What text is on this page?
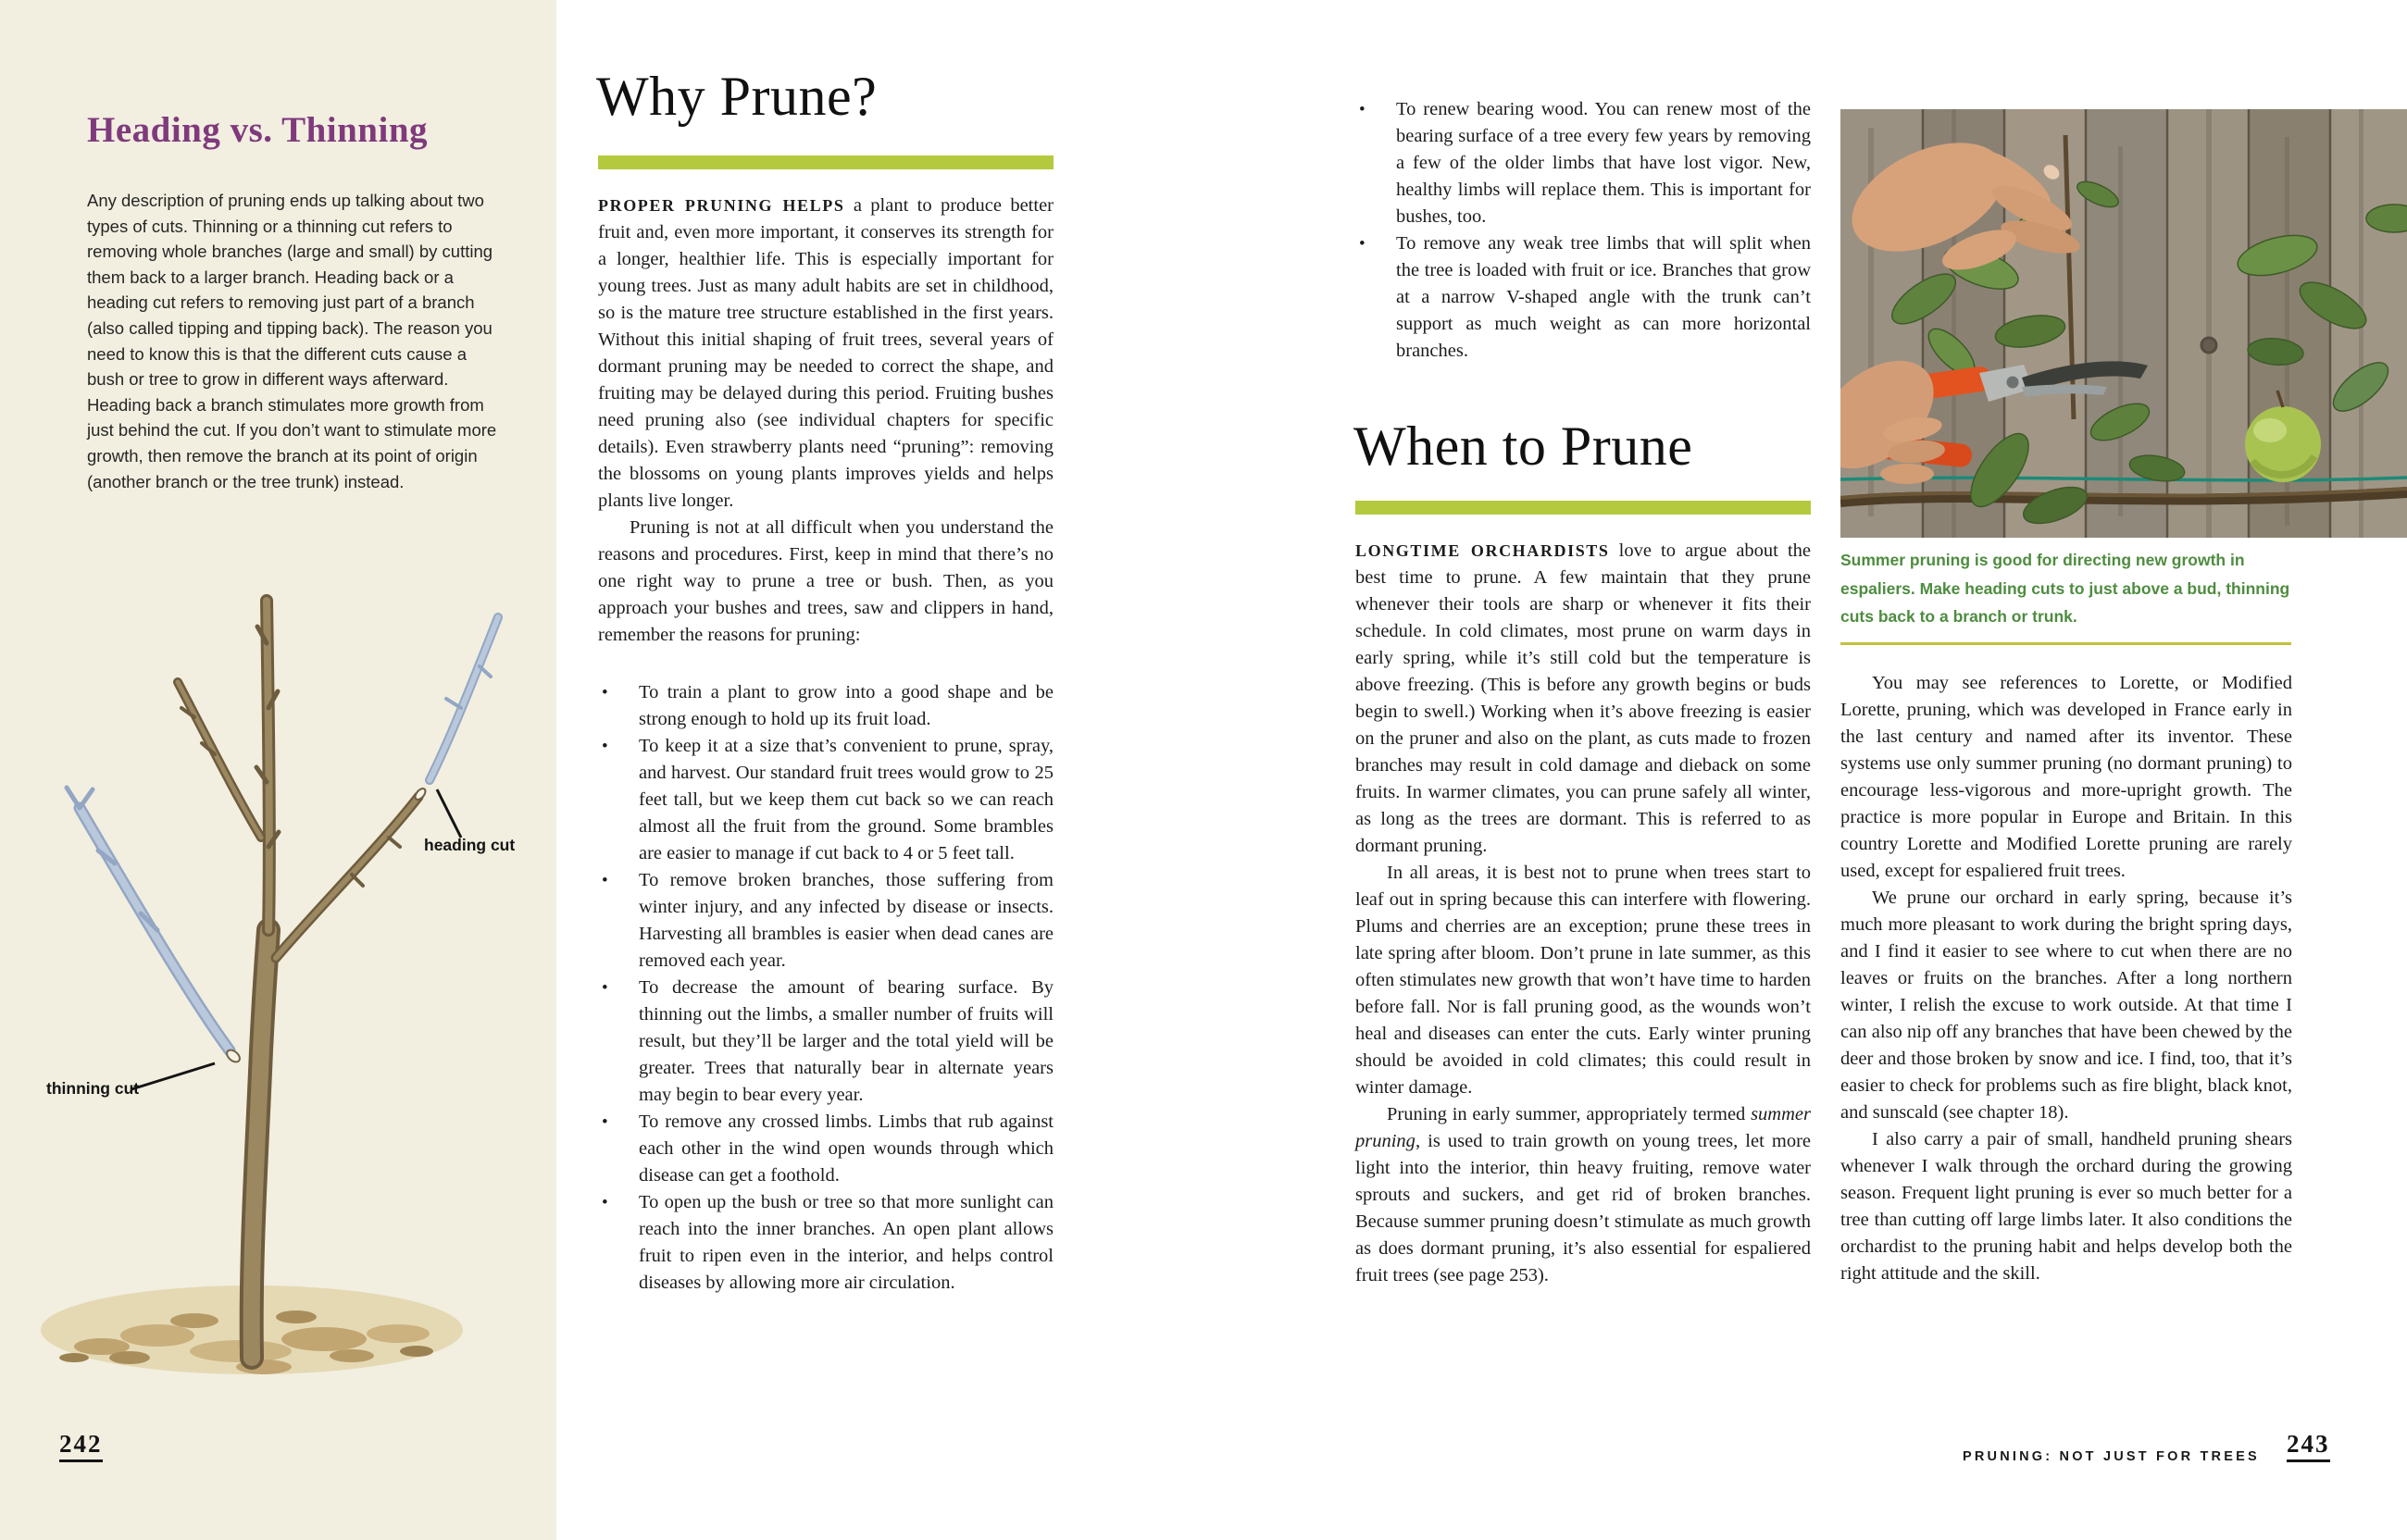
Heading vs. Thinning
Any description of pruning ends up talking about two types of cuts. Thinning or a thinning cut refers to removing whole branches (large and small) by cutting them back to a larger branch. Heading back or a heading cut refers to removing just part of a branch (also called tipping and tipping back). The reason you need to know this is that the different cuts cause a bush or tree to grow in different ways afterward. Heading back a branch stimulates more growth from just behind the cut. If you don’t want to stimulate more growth, then remove the branch at its point of origin (another branch or the tree trunk) instead.
heading cut
thinning cut
242
Why Prune?

PROPER PRUNING HELPS a plant to produce better fruit and, even more important, it conserves its strength for a longer, healthier life. This is especially important for young trees. Just as many adult habits are set in childhood, so is the mature tree structure established in the first years. Without this initial shaping of fruit trees, several years of dormant pruning may be needed to correct the shape, and fruiting may be delayed during this period. Fruiting bushes need pruning also (see individual chapters for specific details). Even strawberry plants need “pruning”: removing the blossoms on young plants improves yields and helps plants live longer.

Pruning is not at all difficult when you understand the reasons and procedures. First, keep in mind that there’s no one right way to prune a tree or bush. Then, as you approach your bushes and trees, saw and clippers in hand, remember the reasons for pruning:

•	To train a plant to grow into a good shape and be strong enough to hold up its fruit load.
•	To keep it at a size that’s convenient to prune, spray, and harvest. Our standard fruit trees would grow to 25 feet tall, but we keep them cut back so we can reach almost all the fruit from the ground. Some brambles are easier to manage if cut back to 4 or 5 feet tall.
•	To remove broken branches, those suffering from winter injury, and any infected by disease or insects. Harvesting all brambles is easier when dead canes are removed each year.
•	To decrease the amount of bearing surface. By thinning out the limbs, a smaller number of fruits will result, but they’ll be larger and the total yield will be greater. Trees that naturally bear in alternate years may begin to bear every year.
•	To remove any crossed limbs. Limbs that rub against each other in the wind open wounds through which disease can get a foothold.
•	To open up the bush or tree so that more sunlight can reach into the inner branches. An open plant allows fruit to ripen even in the interior, and helps control diseases by allowing more air circulation.
•	To renew bearing wood. You can renew most of the bearing surface of a tree every few years by removing a few of the older limbs that have lost vigor. New, healthy limbs will replace them. This is important for bushes, too.
•	To remove any weak tree limbs that will split when the tree is loaded with fruit or ice. Branches that grow at a narrow V-shaped angle with the trunk can’t support as much weight as can more horizontal branches.
When to Prune

LONGTIME ORCHARDISTS love to argue about the best time to prune. A few maintain that they prune whenever their tools are sharp or whenever it fits their schedule. In cold climates, most prune on warm days in early spring, while it’s still cold but the temperature is above freezing. (This is before any growth begins or buds begin to swell.) Working when it’s above freezing is easier on the pruner and also on the plant, as cuts made to frozen branches may result in cold damage and dieback on some fruits. In warmer climates, you can prune safely all winter, as long as the trees are dormant. This is referred to as dormant pruning.

In all areas, it is best not to prune when trees start to leaf out in spring because this can interfere with flowering. Plums and cherries are an exception; prune these trees in late spring after bloom. Don’t prune in late summer, as this often stimulates new growth that won’t have time to harden before fall. Nor is fall pruning good, as the wounds won’t heal and diseases can enter the cuts. Early winter pruning should be avoided in cold climates; this could result in winter damage.

Pruning in early summer, appropriately termed summer pruning, is used to train growth on young trees, let more light into the interior, thin heavy fruiting, remove water sprouts and suckers, and get rid of broken branches. Because summer pruning doesn’t stimulate as much growth as does dormant pruning, it’s also essential for espaliered fruit trees (see page 253).

Summer pruning is good for directing new growth in espaliers. Make heading cuts to just above a bud, thinning cuts back to a branch or trunk.

You may see references to Lorette, or Modified Lorette, pruning, which was developed in France early in the last century and named after its inventor. These systems use only summer pruning (no dormant pruning) to encourage less-vigorous and more-upright growth. The practice is more popular in Europe and Britain. In this country Lorette and Modified Lorette pruning are rarely used, except for espaliered fruit trees.

We prune our orchard in early spring, because it’s much more pleasant to work during the bright spring days, and I find it easier to see where to cut when there are no leaves or fruits on the branches. After a long northern winter, I relish the excuse to work outside. At that time I can also nip off any branches that have been chewed by the deer and those broken by snow and ice. I find, too, that it’s easier to check for problems such as fire blight, black knot, and sunscald (see chapter 18).

I also carry a pair of small, handheld pruning shears whenever I walk through the orchard during the growing season. Frequent light pruning is ever so much better for a tree than cutting off large limbs later. It also conditions the orchardist to the pruning habit and helps develop both the right attitude and the skill.

PRUNING: NOT JUST FOR TREES	243
